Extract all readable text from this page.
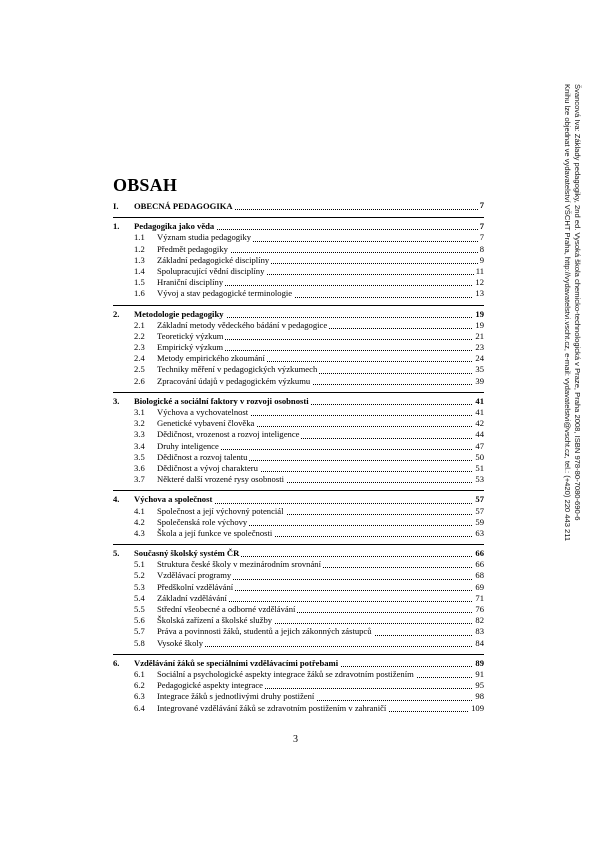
Švancová Iva: Základy pedagogiky, 2nd ed. Vysoká škola chemicko-technologická v Praze, Praha 2008, ISBN 978-80-7080-690-6
Knihu lze objednat ve vydavatelství VŠCHT Praha, http://vydavatelstvi.vscht.cz, e-mail: vydavatelstvi@vscht.cz, tel.: (+420) 220 443 211
OBSAH
I. OBECNÁ PEDAGOGIKA	7
1. Pedagogika jako věda	7
1.1 Význam studia pedagogiky	7
1.2 Předmět pedagogiky	8
1.3 Základní pedagogické disciplíny	9
1.4 Spolupracující vědní disciplíny	11
1.5 Hraniční disciplíny	12
1.6 Vývoj a stav pedagogické terminologie	13
2. Metodologie pedagogiky	19
2.1 Základní metody vědeckého bádání v pedagogice	19
2.2 Teoretický výzkum	21
2.3 Empirický výzkum	23
2.4 Metody empirického zkoumání	24
2.5 Techniky měření v pedagogických výzkumech	35
2.6 Zpracování údajů v pedagogickém výzkumu	39
3. Biologické a sociální faktory v rozvoji osobnosti	41
3.1 Výchova a vychovatelnost	41
3.2 Genetické vybavení člověka	42
3.3 Dědičnost, vrozenost a rozvoj inteligence	44
3.4 Druhy inteligence	47
3.5 Dědičnost a rozvoj talentu	50
3.6 Dědičnost a vývoj charakteru	51
3.7 Některé další vrozené rysy osobnosti	53
4. Výchova a společnost	57
4.1 Společnost a její výchovný potenciál	57
4.2 Společenská role výchovy	59
4.3 Škola a její funkce ve společnosti	63
5. Současný školský systém ČR	66
5.1 Struktura české školy v mezinárodním srovnání	66
5.2 Vzdělávací programy	68
5.3 Předškolní vzdělávání	69
5.4 Základní vzdělávání	71
5.5 Střední všeobecné a odborné vzdělávání	76
5.6 Školská zařízení a školské služby	82
5.7 Práva a povinnosti žáků, studentů a jejich zákonných zástupců	83
5.8 Vysoké školy	84
6. Vzdělávání žáků se speciálními vzdělávacími potřebami	89
6.1 Sociální a psychologické aspekty integrace žáků se zdravotním postižením	91
6.2 Pedagogické aspekty integrace	95
6.3 Integrace žáků s jednotlivými druhy postižení	98
6.4 Integrované vzdělávání žáků se zdravotním postižením v zahraničí	109
3
